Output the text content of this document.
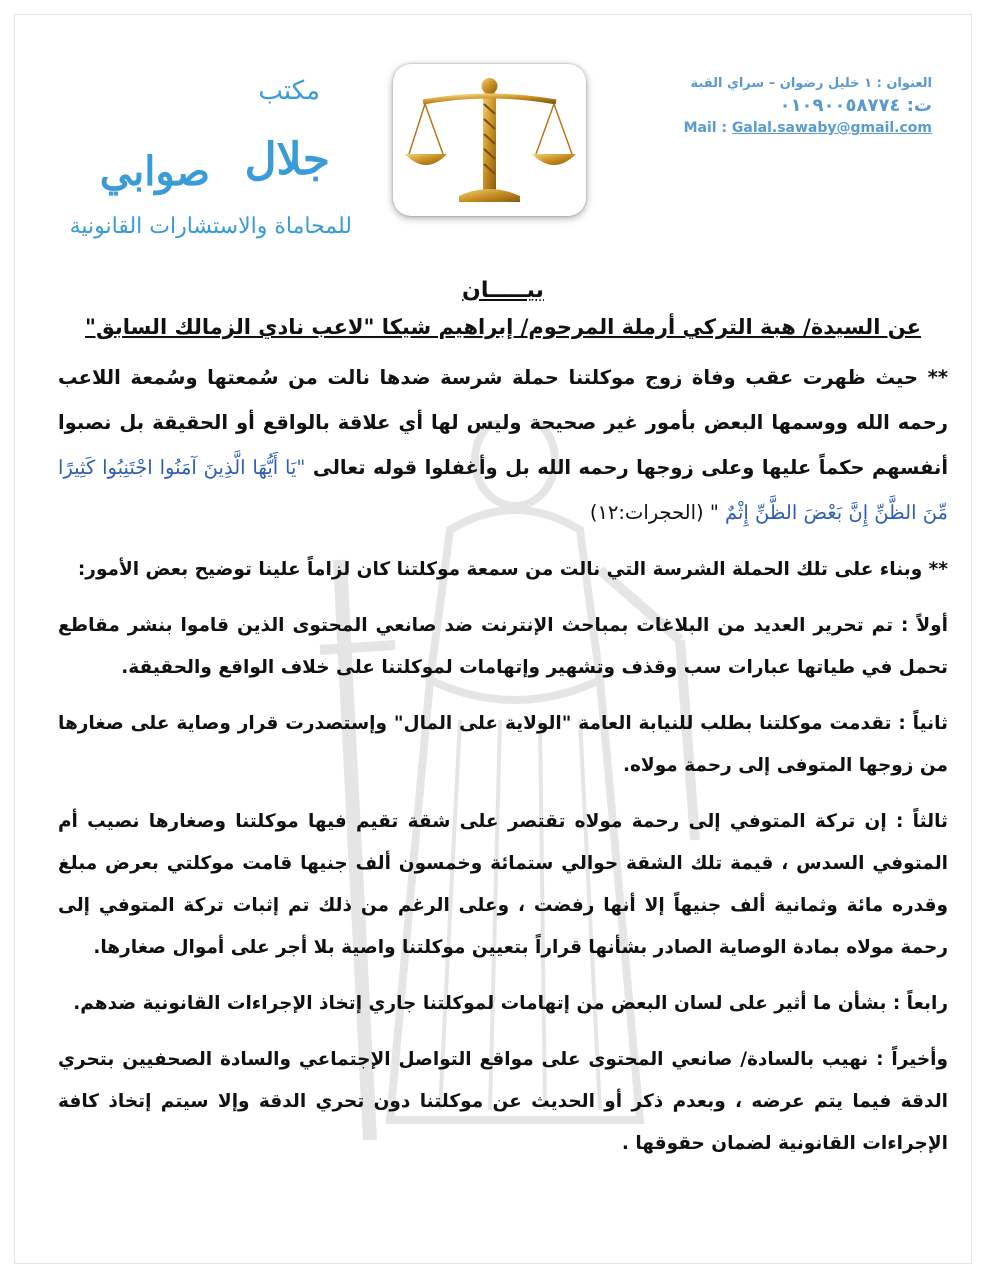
العنوان : ١ خليل رضوان – سراي القبة
ت: ٠١٠٩٠٠٥٨٧٧٤
Mail : Galal.sawaby@gmail.com
مكتب
صوابي جلال
للمحاماة والاستشارات القانونية
بيـــــان
عن السيدة/ هبة التركي أرملة المرحوم/ إبراهيم شيكا "لاعب نادي الزمالك السابق"

** حيث ظهرت عقب وفاة زوج موكلتنا حملة شرسة ضدها نالت من سُمعتها وسُمعة اللاعب رحمه الله ووسمها البعض بأمور غير صحيحة وليس لها أي علاقة بالواقع أو الحقيقة بل نصبوا أنفسهم حكماً عليها وعلى زوجها رحمه الله بل وأغفلوا قوله تعالى "يَا أَيُّهَا الَّذِينَ آمَنُوا اجْتَنِبُوا كَثِيرًا مِّنَ الظَّنِّ إِنَّ بَعْضَ الظَّنِّ إِثْمٌ " (الحجرات:١٢)

** وبناء على تلك الحملة الشرسة التي نالت من سمعة موكلتنا كان لزاماً علينا توضيح بعض الأمور:

أولاً : تم تحرير العديد من البلاغات بمباحث الإنترنت ضد صانعي المحتوى الذين قاموا بنشر مقاطع تحمل في طياتها عبارات سب وقذف وتشهير وإتهامات لموكلتنا على خلاف الواقع والحقيقة.

ثانياً : تقدمت موكلتنا بطلب للنيابة العامة "الولاية على المال" وإستصدرت قرار وصاية على صغارها من زوجها المتوفى إلى رحمة مولاه.

ثالثاً : إن تركة المتوفي إلى رحمة مولاه تقتصر على شقة تقيم فيها موكلتنا وصغارها نصيب أم المتوفي السدس ، قيمة تلك الشقة حوالي ستمائة وخمسون ألف جنيها قامت موكلتي بعرض مبلغ وقدره مائة وثمانية ألف جنيهاً إلا أنها رفضت ، وعلى الرغم من ذلك تم إثبات تركة المتوفي إلى رحمة مولاه بمادة الوصاية الصادر بشأنها قراراً بتعيين موكلتنا واصية بلا أجر على أموال صغارها.

رابعاً : بشأن ما أثير على لسان البعض من إتهامات لموكلتنا جاري إتخاذ الإجراءات القانونية ضدهم.

وأخيراً : نهيب بالسادة/ صانعي المحتوى على مواقع التواصل الإجتماعي والسادة الصحفيين بتحري الدقة فيما يتم عرضه ، وبعدم ذكر أو الحديث عن موكلتنا دون تحري الدقة وإلا سيتم إتخاذ كافة الإجراءات القانونية لضمان حقوقها .
